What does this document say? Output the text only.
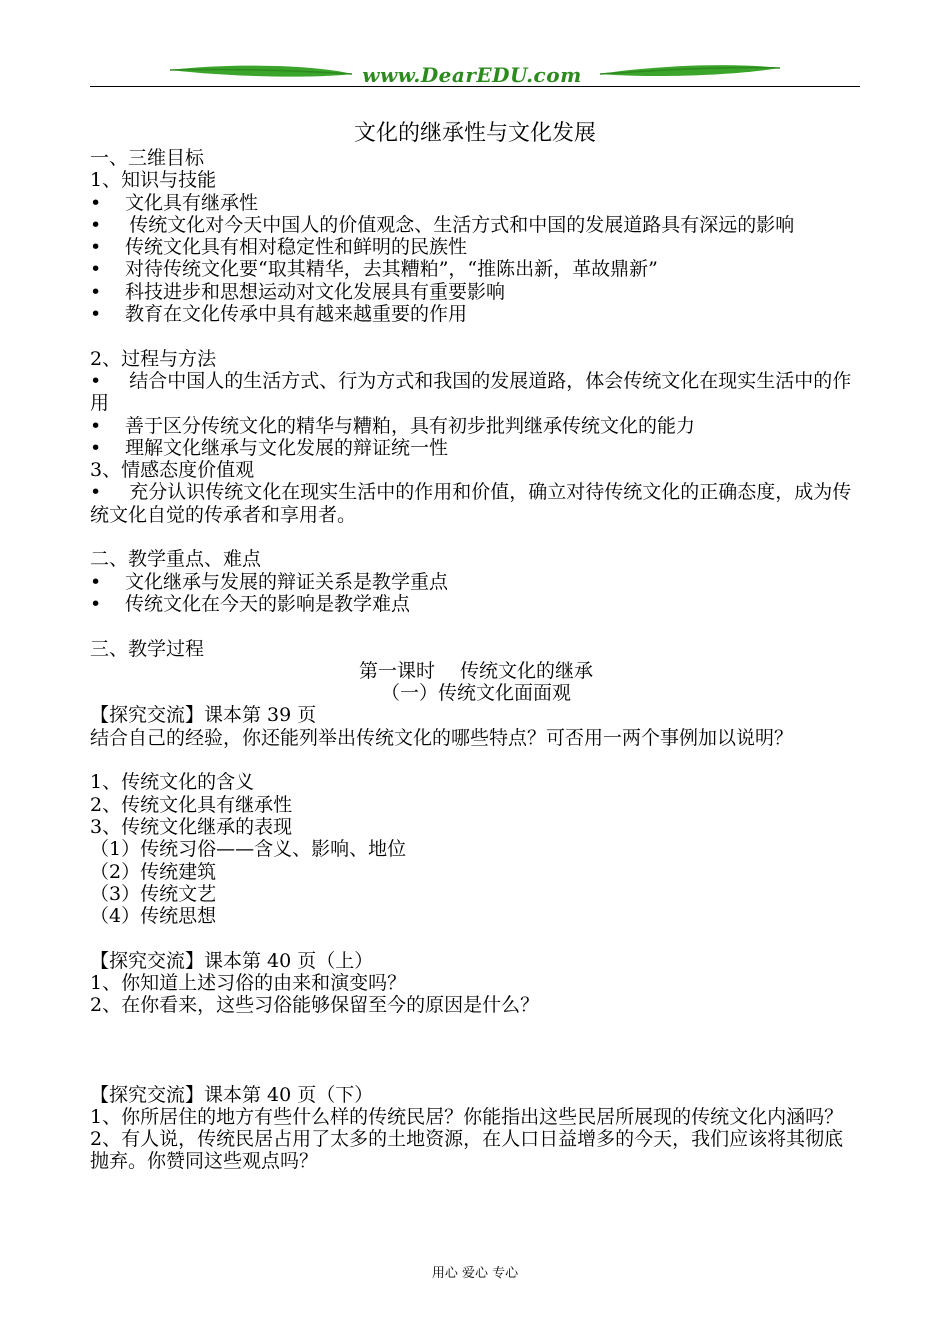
www.DearEDU.com
文化的继承性与文化发展
一、三维目标
1、知识与技能
•	文化具有继承性
• 传统文化对今天中国人的价值观念、生活方式和中国的发展道路具有深远的影响
•	传统文化具有相对稳定性和鲜明的民族性
•	对待传统文化要“取其精华，去其糟粕”，“推陈出新，革故鼎新”
•	科技进步和思想运动对文化发展具有重要影响
•	教育在文化传承中具有越来越重要的作用
2、过程与方法
• 结合中国人的生活方式、行为方式和我国的发展道路，体会传统文化在现实生活中的作用
•	善于区分传统文化的精华与糟粕，具有初步批判继承传统文化的能力
•	理解文化继承与文化发展的辩证统一性
3、情感态度价值观
• 充分认识传统文化在现实生活中的作用和价值，确立对待传统文化的正确态度，成为传统文化自觉的传承者和享用者。
二、教学重点、难点
•	文化继承与发展的辩证关系是教学重点
•	传统文化在今天的影响是教学难点
三、教学过程
第一课时　 传统文化的继承
（一）传统文化面面观
【探究交流】课本第 39 页
结合自己的经验，你还能列举出传统文化的哪些特点？可否用一两个事例加以说明？
1、传统文化的含义
2、传统文化具有继承性
3、传统文化继承的表现
（1）传统习俗——含义、影响、地位
（2）传统建筑
（3）传统文艺
（4）传统思想
【探究交流】课本第 40 页（上）
1、你知道上述习俗的由来和演变吗？
2、在你看来，这些习俗能够保留至今的原因是什么？
【探究交流】课本第 40 页（下）
1、你所居住的地方有些什么样的传统民居？你能指出这些民居所展现的传统文化内涵吗？
2、有人说，传统民居占用了太多的土地资源，在人口日益增多的今天，我们应该将其彻底抛弃。你赞同这些观点吗？
用心 爱心 专心
